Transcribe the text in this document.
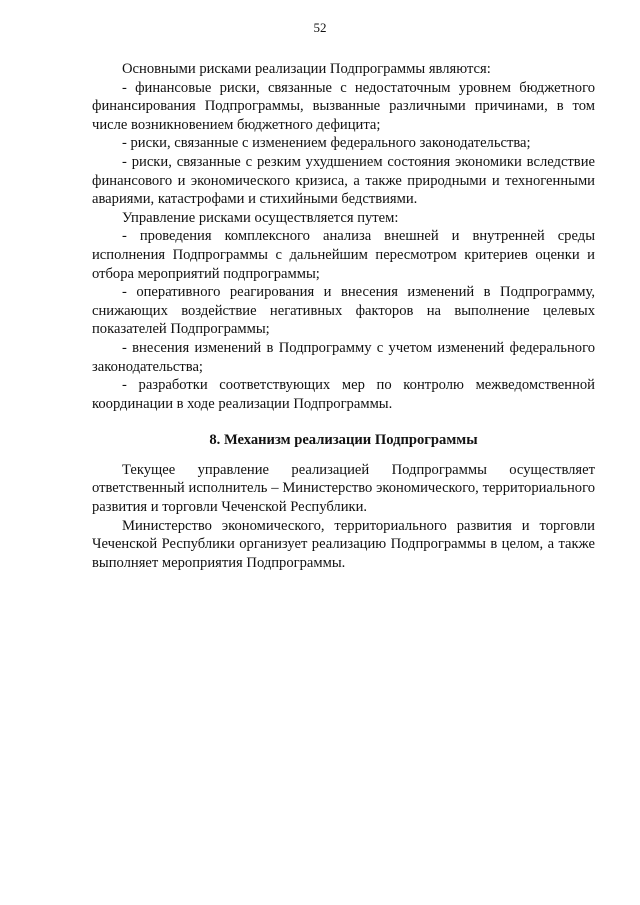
52

Основными рисками реализации Подпрограммы являются:

- финансовые риски, связанные с недостаточным уровнем бюджетного финансирования Подпрограммы, вызванные различными причинами, в том числе возникновением бюджетного дефицита;

- риски, связанные с изменением федерального законодательства;

- риски, связанные с резким ухудшением состояния экономики вследствие финансового и экономического кризиса, а также природными и техногенными авариями, катастрофами и стихийными бедствиями.

Управление рисками осуществляется путем:

- проведения комплексного анализа внешней и внутренней среды исполнения Подпрограммы с дальнейшим пересмотром критериев оценки и отбора мероприятий подпрограммы;

- оперативного реагирования и внесения изменений в Подпрограмму, снижающих воздействие негативных факторов на выполнение целевых показателей Подпрограммы;

- внесения изменений в Подпрограмму с учетом изменений федерального законодательства;

- разработки соответствующих мер по контролю межведомственной координации в ходе реализации Подпрограммы.

8. Механизм реализации Подпрограммы

Текущее управление реализацией Подпрограммы осуществляет ответственный исполнитель – Министерство экономического, территориального развития и торговли Чеченской Республики.

Министерство экономического, территориального развития и торговли Чеченской Республики организует реализацию Подпрограммы в целом, а также выполняет мероприятия Подпрограммы.
